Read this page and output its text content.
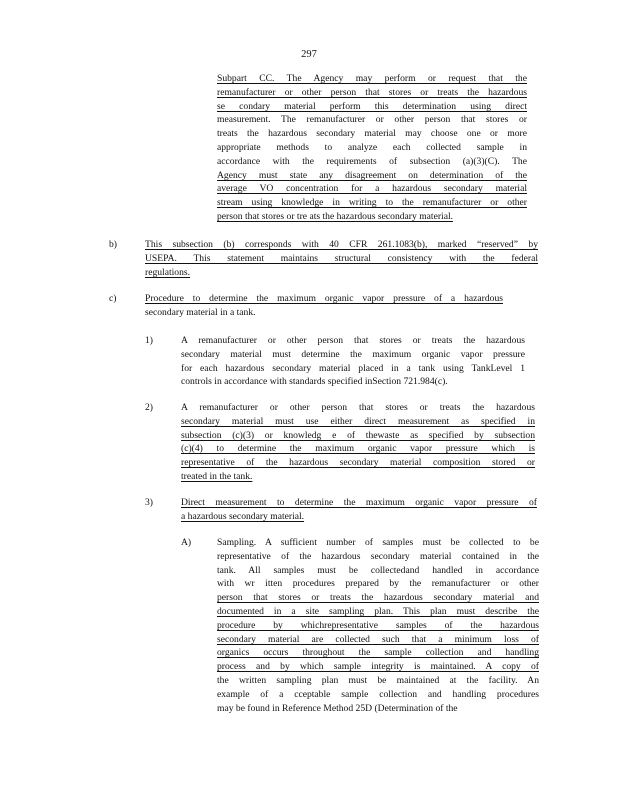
297
Subpart CC. The Agency may perform or request that the
remanufacturer or other person that stores or treats the hazardous
se condary material perform this determination using direct
measurement. The remanufacturer or other person that stores or
treats the hazardous secondary material may choose one or more
appropriate methods to analyze each collected sample in
accordance with the requirements of subsection (a)(3)(C). The
Agency must state any disagreement on determination of the
average VO concentration for a hazardous secondary material
stream using knowledge in writing to the remanufacturer or other
person that stores or tre ats the hazardous secondary material.
b)	This subsection (b) corresponds with 40 CFR 261.1083(b), marked “reserved” by
USEPA. This statement maintains structural consistency with the federal
regulations.
c)	Procedure to determine the maximum organic vapor pressure of a hazardous
secondary material in a tank.
1)	A remanufacturer or other person that stores or treats the hazardous
secondary material must determine the maximum organic vapor pressure
for each hazardous secondary material placed in a tank using TankLevel 1
controls in accordance with standards specified inSection 721.984(c).
2)	A remanufacturer or other person that stores or treats the hazardous
secondary material must use either direct measurement as specified in
subsection (c)(3) or knowledg e of thewaste as specified by subsection
(c)(4) to determine the maximum organic vapor pressure which is
representative of the hazardous secondary material composition stored or
treated in the tank.
3)	Direct measurement to determine the maximum organic vapor pressure of
a hazardous secondary material.
A)	Sampling. A sufficient number of samples must be collected to be
representative of the hazardous secondary material contained in the
tank. All samples must be collectedand handled in accordance
with wr itten procedures prepared by the remanufacturer or other
person that stores or treats the hazardous secondary material and
documented in a site sampling plan. This plan must describe the
procedure by whichrepresentative samples of the hazardous
secondary material are collected such that a minimum loss of
organics occurs throughout the sample collection and handling
process and by which sample integrity is maintained. A copy of
the written sampling plan must be maintained at the facility. An
example of a cceptable sample collection and handling procedures
may be found in Reference Method 25D (Determination of the
